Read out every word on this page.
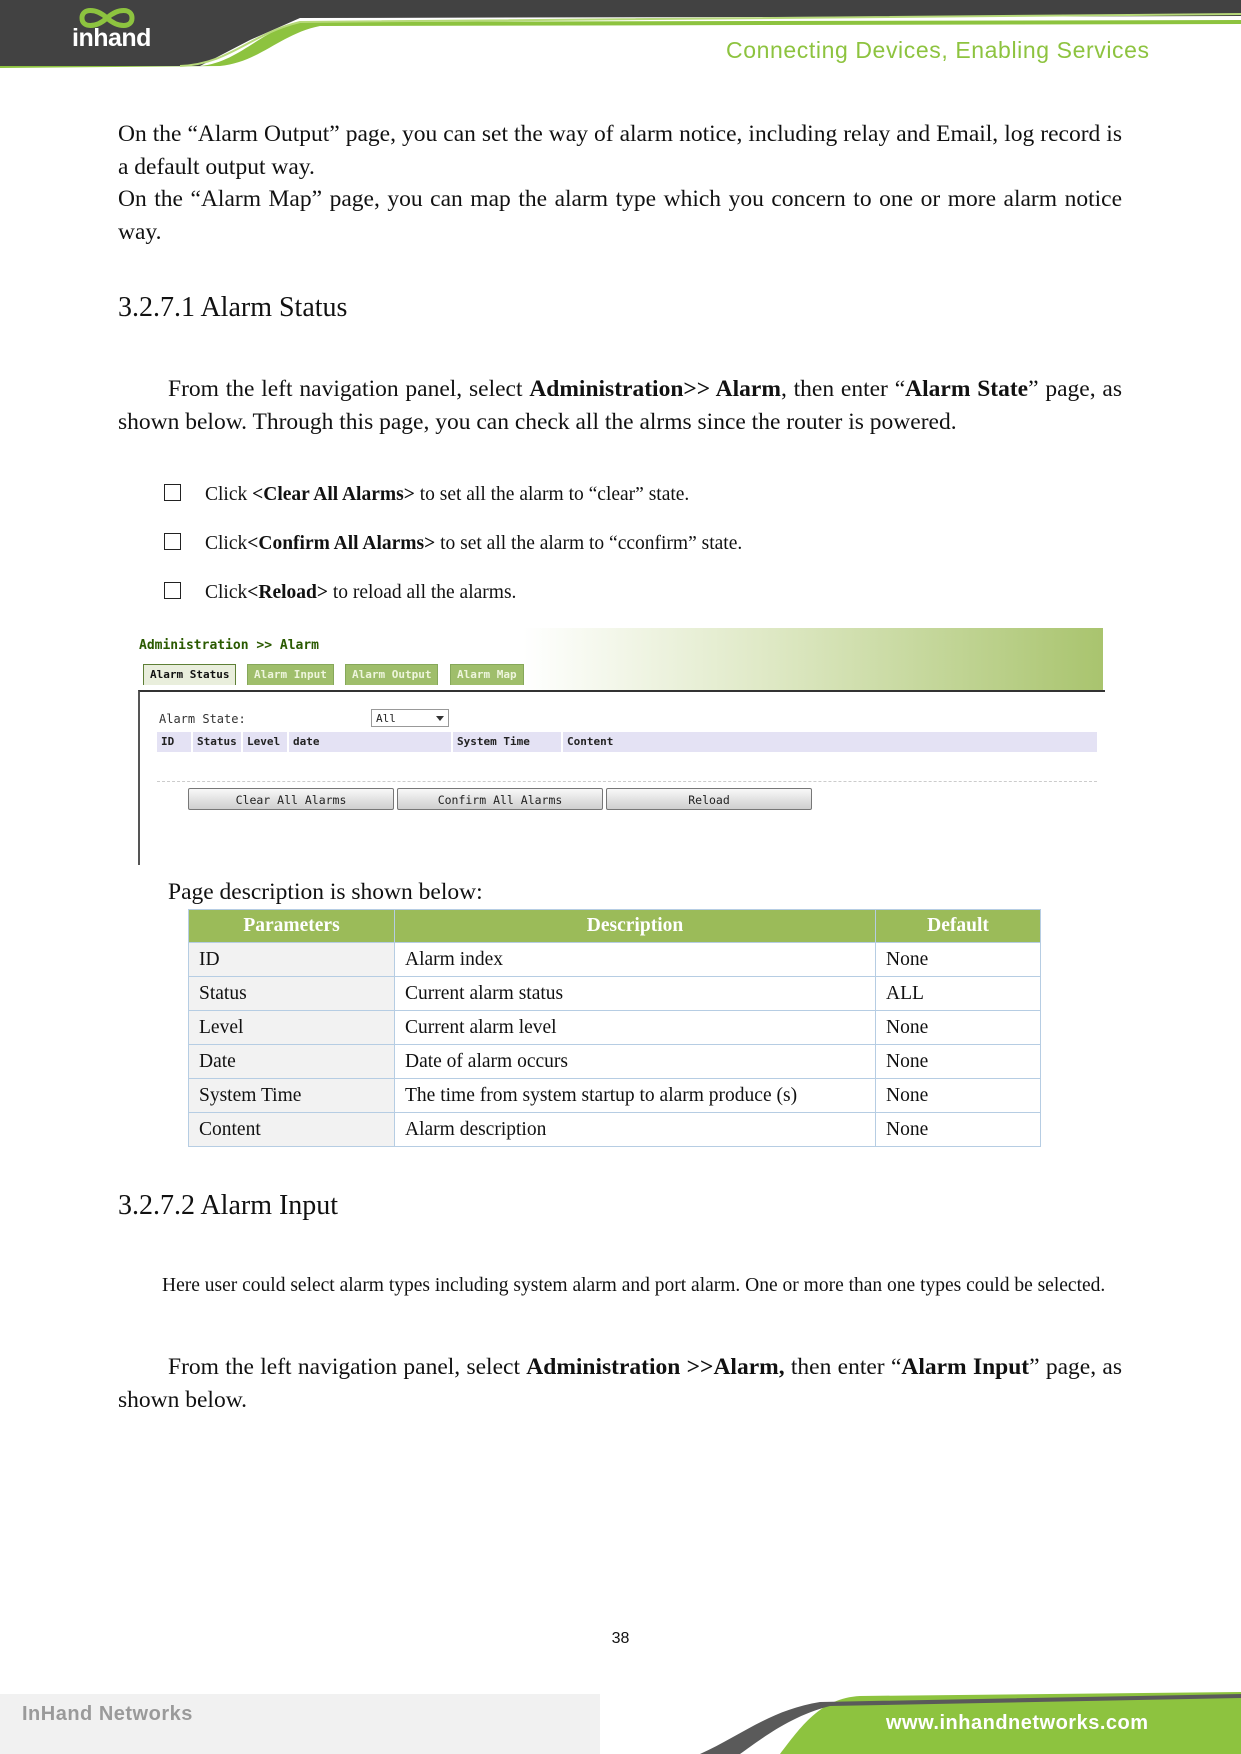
inhand	Connecting Devices, Enabling Services
On the “Alarm Output” page, you can set the way of alarm notice, including relay and Email, log record is a default output way.
On the “Alarm Map” page, you can map the alarm type which you concern to one or more alarm notice way.
3.2.7.1 Alarm Status
From the left navigation panel, select Administration>> Alarm, then enter “Alarm State” page, as shown below. Through this page, you can check all the alrms since the router is powered.
Click <Clear All Alarms> to set all the alarm to “clear” state.
Click<Confirm All Alarms> to set all the alarm to “cconfirm” state.
Click<Reload> to reload all the alarms.
Administration >> Alarm
Alarm Status	Alarm Input	Alarm Output	Alarm Map
Alarm State:	All
ID	Status Level	date	System Time	Content
Clear All Alarms	Confirm All Alarms	Reload
Page description is shown below:
Parameters	Description	Default
ID	Alarm index	None
Status	Current alarm status	ALL
Level	Current alarm level	None
Date	Date of alarm occurs	None
System Time	The time from system startup to alarm produce (s)	None
Content	Alarm description	None
3.2.7.2 Alarm Input
Here user could select alarm types including system alarm and port alarm. One or more than one types could be selected.
From the left navigation panel, select Administration >>Alarm, then enter “Alarm Input” page, as shown below.
38
InHand Networks	www.inhandnetworks.com
